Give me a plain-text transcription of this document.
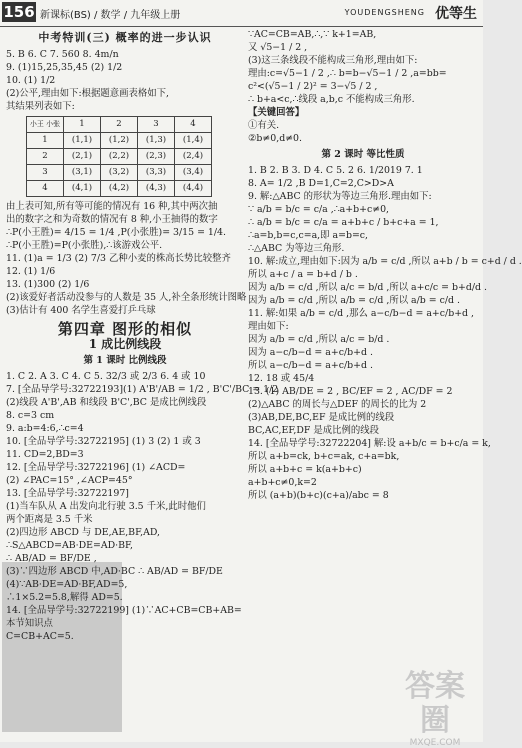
156 新课标(BS) / 数学 / 九年级上册	YOUDENGSHENG 优等生
中考特训(三) 概率的进一步认识
5. B 6. C 7. 560 8. 4m/n
9. (1)15,25,35,45 (2) 1/2
10. (1) 1/2
(2)公平,理由如下:根据题意画表格如下,
其结果列表如下:
小王 小张	1	2	3	4
1	(1,1)	(1,2)	(1,3)	(1,4)
2	(2,1)	(2,2)	(2,3)	(2,4)
3	(3,1)	(3,2)	(3,3)	(3,4)
4	(4,1)	(4,2)	(4,3)	(4,4)
由上表可知,所有等可能的情况有 16 种,其中两次抽
出的数字之和为奇数的情况有 8 种,小王抽得的数字
∴P(小王胜)= 4/15 = 1/4 ,P(小张胜)= 3/15 = 1/4.
∴P(小王胜)=P(小张胜),∴该游戏公平.
11. (1)a = 1/3 (2) 7/3 乙种小麦的株高长势比较整齐
12. (1) 1/6
13. (1)300 (2) 1/6
(2)该爱好者活动没参与的人数是 35 人,补全条形统计图略
(3)估计有 400 名学生喜爱打乒乓球
第四章 图形的相似
1 成比例线段
第 1 课时 比例线段
1. C 2. A 3. C 4. C 5. 32/3 或 2/3 6. 4 或 10
7. [全品导学号:32722193](1) A'B'/AB = 1/2 , B'C'/BC = 1/2
(2)线段 A'B',AB 和线段 B'C',BC 是成比例线段
8. c=3 cm
9. a:b=4:6,∴c=4
10. [全品导学号:32722195] (1) 3 (2) 1 或 3
11. CD=2,BD=3
12. [全品导学号:32722196] (1) ∠ACD=
(2) ∠PAC=15° ,∠ACP=45°
13. [全品导学号:32722197]
(1)当车队从 A 出发向北行驶 3.5 千米,此时他们
两个距离是 3.5 千米
(2)四边形 ABCD 与 DE,AE,BF,AD,
∴S△ABCD=AB·DE=AD·BF,
∴ AB/AD = BF/DE ,
(3)∵四边形 ABCD 中,AD·BC ∴ AB/AD = BF/DE
(4)∵AB·DE=AD·BF,AD=5,
∴1×5.2=5.8,解得 AD=5.
14. [全品导学号:32722199] (1)∵AC+CB=CB+AB=
本节知识点
C=CB+AC=5.
∵AC=CB=AB,∴,∵ k+1=AB,
又 √5−1 / 2 ,
(3)这三条线段不能构成三角形,理由如下:
理由:c=√5−1 / 2 ,∴ b=b−√5−1 / 2 ,a=bb=
c²<(√5−1 / 2)² = 3−√5 / 2 ,
∴ b+a<c,∴线段 a,b,c 不能构成三角形.
【关键回答】
①有关.
②b≠0,d≠0.
第 2 课时 等比性质
1. B 2. B 3. D 4. C 5. 2 6. 1/2019 7. 1
8. A= 1/2 ,B D=1,C=2,C>D>A
9. 解:△ABC 的形状为等边三角形.理由如下:
∵ a/b = b/c = c/a ,∴a+b+c≠0,
∴ a/b = b/c = c/a = a+b+c / b+c+a = 1,
∴a=b,b=c,c=a,即 a=b=c,
∴△ABC 为等边三角形.
10. 解:成立,理由如下:因为 a/b = c/d ,所以 a+b / b = c+d / d .
所以 a+c / a = b+d / b .
因为 a/b = c/d ,所以 a/c = b/d ,所以 a+c/c = b+d/d .
因为 a/b = c/d ,所以 a/b = c/d ,所以 a/b = c/d .
11. 解:如果 a/b = c/d ,那么 a−c/b−d = a+c/b+d ,
理由如下:
因为 a/b = c/d ,所以 a/c = b/d .
因为 a−c/b−d = a+c/b+d .
所以 a−c/b−d = a+c/b+d .
12. 18 或 45/4
13. (1) AB/DE = 2 , BC/EF = 2 , AC/DF = 2
(2)△ABC 的周长与△DEF 的周长的比为 2
(3)AB,DE,BC,EF 是成比例的线段
BC,AC,EF,DF 是成比例的线段
14. [全品导学号:32722204] 解:设 a+b/c = b+c/a = k,
所以 a+b=ck, b+c=ak, c+a=bk,
所以 a+b+c = k(a+b+c)
a+b+c≠0,k=2
所以 (a+b)(b+c)(c+a)/abc = 8
答案圈
MXQE.COM
